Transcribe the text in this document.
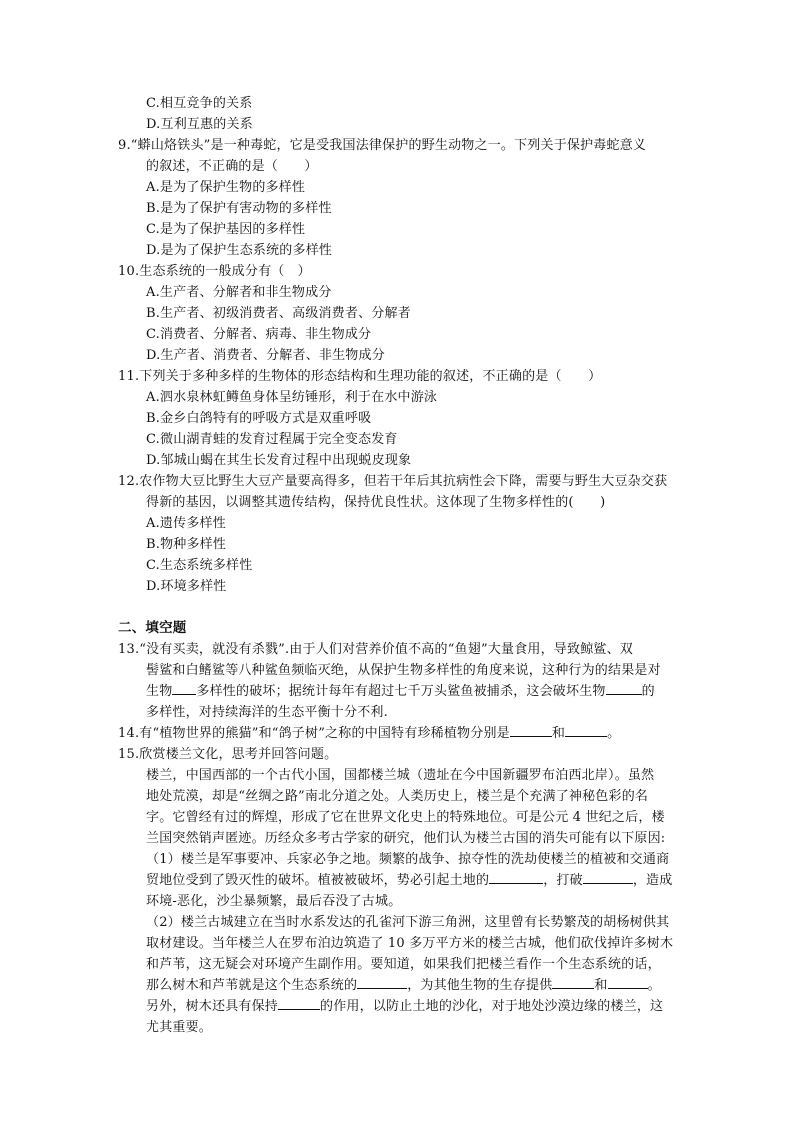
C.相互竞争的关系
D.互利互惠的关系
9.“蟒山烙铁头”是一种毒蛇，它是受我国法律保护的野生动物之一。下列关于保护毒蛇意义
的叙述，不正确的是（　　）
A.是为了保护生物的多样性
B.是为了保护有害动物的多样性
C.是为了保护基因的多样性
D.是为了保护生态系统的多样性
10.生态系统的一般成分有（　）
A.生产者、分解者和非生物成分
B.生产者、初级消费者、高级消费者、分解者
C.消费者、分解者、病毒、非生物成分
D.生产者、消费者、分解者、非生物成分
11.下列关于多种多样的生物体的形态结构和生理功能的叙述，不正确的是（　　）
A.泗水泉林虹鳟鱼身体呈纺锤形，利于在水中游泳
B.金乡白鸽特有的呼吸方式是双重呼吸
C.微山湖青蛙的发育过程属于完全变态发育
D.邹城山蝎在其生长发育过程中出现蜕皮现象
12.农作物大豆比野生大豆产量要高得多，但若干年后其抗病性会下降，需要与野生大豆杂交获
得新的基因，以调整其遗传结构，保持优良性状。这体现了生物多样性的(　　)
A.遗传多样性
B.物种多样性
C.生态系统多样性
D.环境多样性
二、填空题
13.“没有买卖，就没有杀戮”.由于人们对营养价值不高的“鱼翅”大量食用，导致鲸鲨、双
髻鲨和白鳍鲨等八种鲨鱼频临灭绝，从保护生物多样性的角度来说，这种行为的结果是对
生物 多样性的破坏；据统计每年有超过七千万头鲨鱼被捕杀，这会破坏生物	的
多样性，对持续海洋的生态平衡十分不利.
14.有“植物世界的熊猫”和“鸽子树”之称的中国特有珍稀植物分别是	和	。
15.欣赏楼兰文化，思考并回答问题。
楼兰，中国西部的一个古代小国，国都楼兰城（遗址在今中国新疆罗布泊西北岸）。虽然
地处荒漠，却是“丝绸之路”南北分道之处。人类历史上，楼兰是个充满了神秘色彩的名
字。它曾经有过的辉煌，形成了它在世界文化史上的特殊地位。可是公元 4 世纪之后，楼
兰国突然销声匿迹。历经众多考古学家的研究，他们认为楼兰古国的消失可能有以下原因:
（1）楼兰是军事要冲、兵家必争之地。频繁的战争、掠夺性的洗劫使楼兰的植被和交通商
贸地位受到了毁灭性的破坏。植被被破坏，势必引起土地的	，打破	，造成
环境-恶化，沙尘暴频繁，最后吞没了古城。
（2）楼兰古城建立在当时水系发达的孔雀河下游三角洲，这里曾有长势繁茂的胡杨树供其
取材建设。当年楼兰人在罗布泊边筑造了 10 多万平方米的楼兰古城，他们砍伐掉许多树木
和芦苇，这无疑会对环境产生副作用。要知道，如果我们把楼兰看作一个生态系统的话，
那么树木和芦苇就是这个生态系统的	，为其他生物的生存提供	和	。
另外，树木还具有保持	的作用，以防止土地的沙化，对于地处沙漠边缘的楼兰，这
尤其重要。
